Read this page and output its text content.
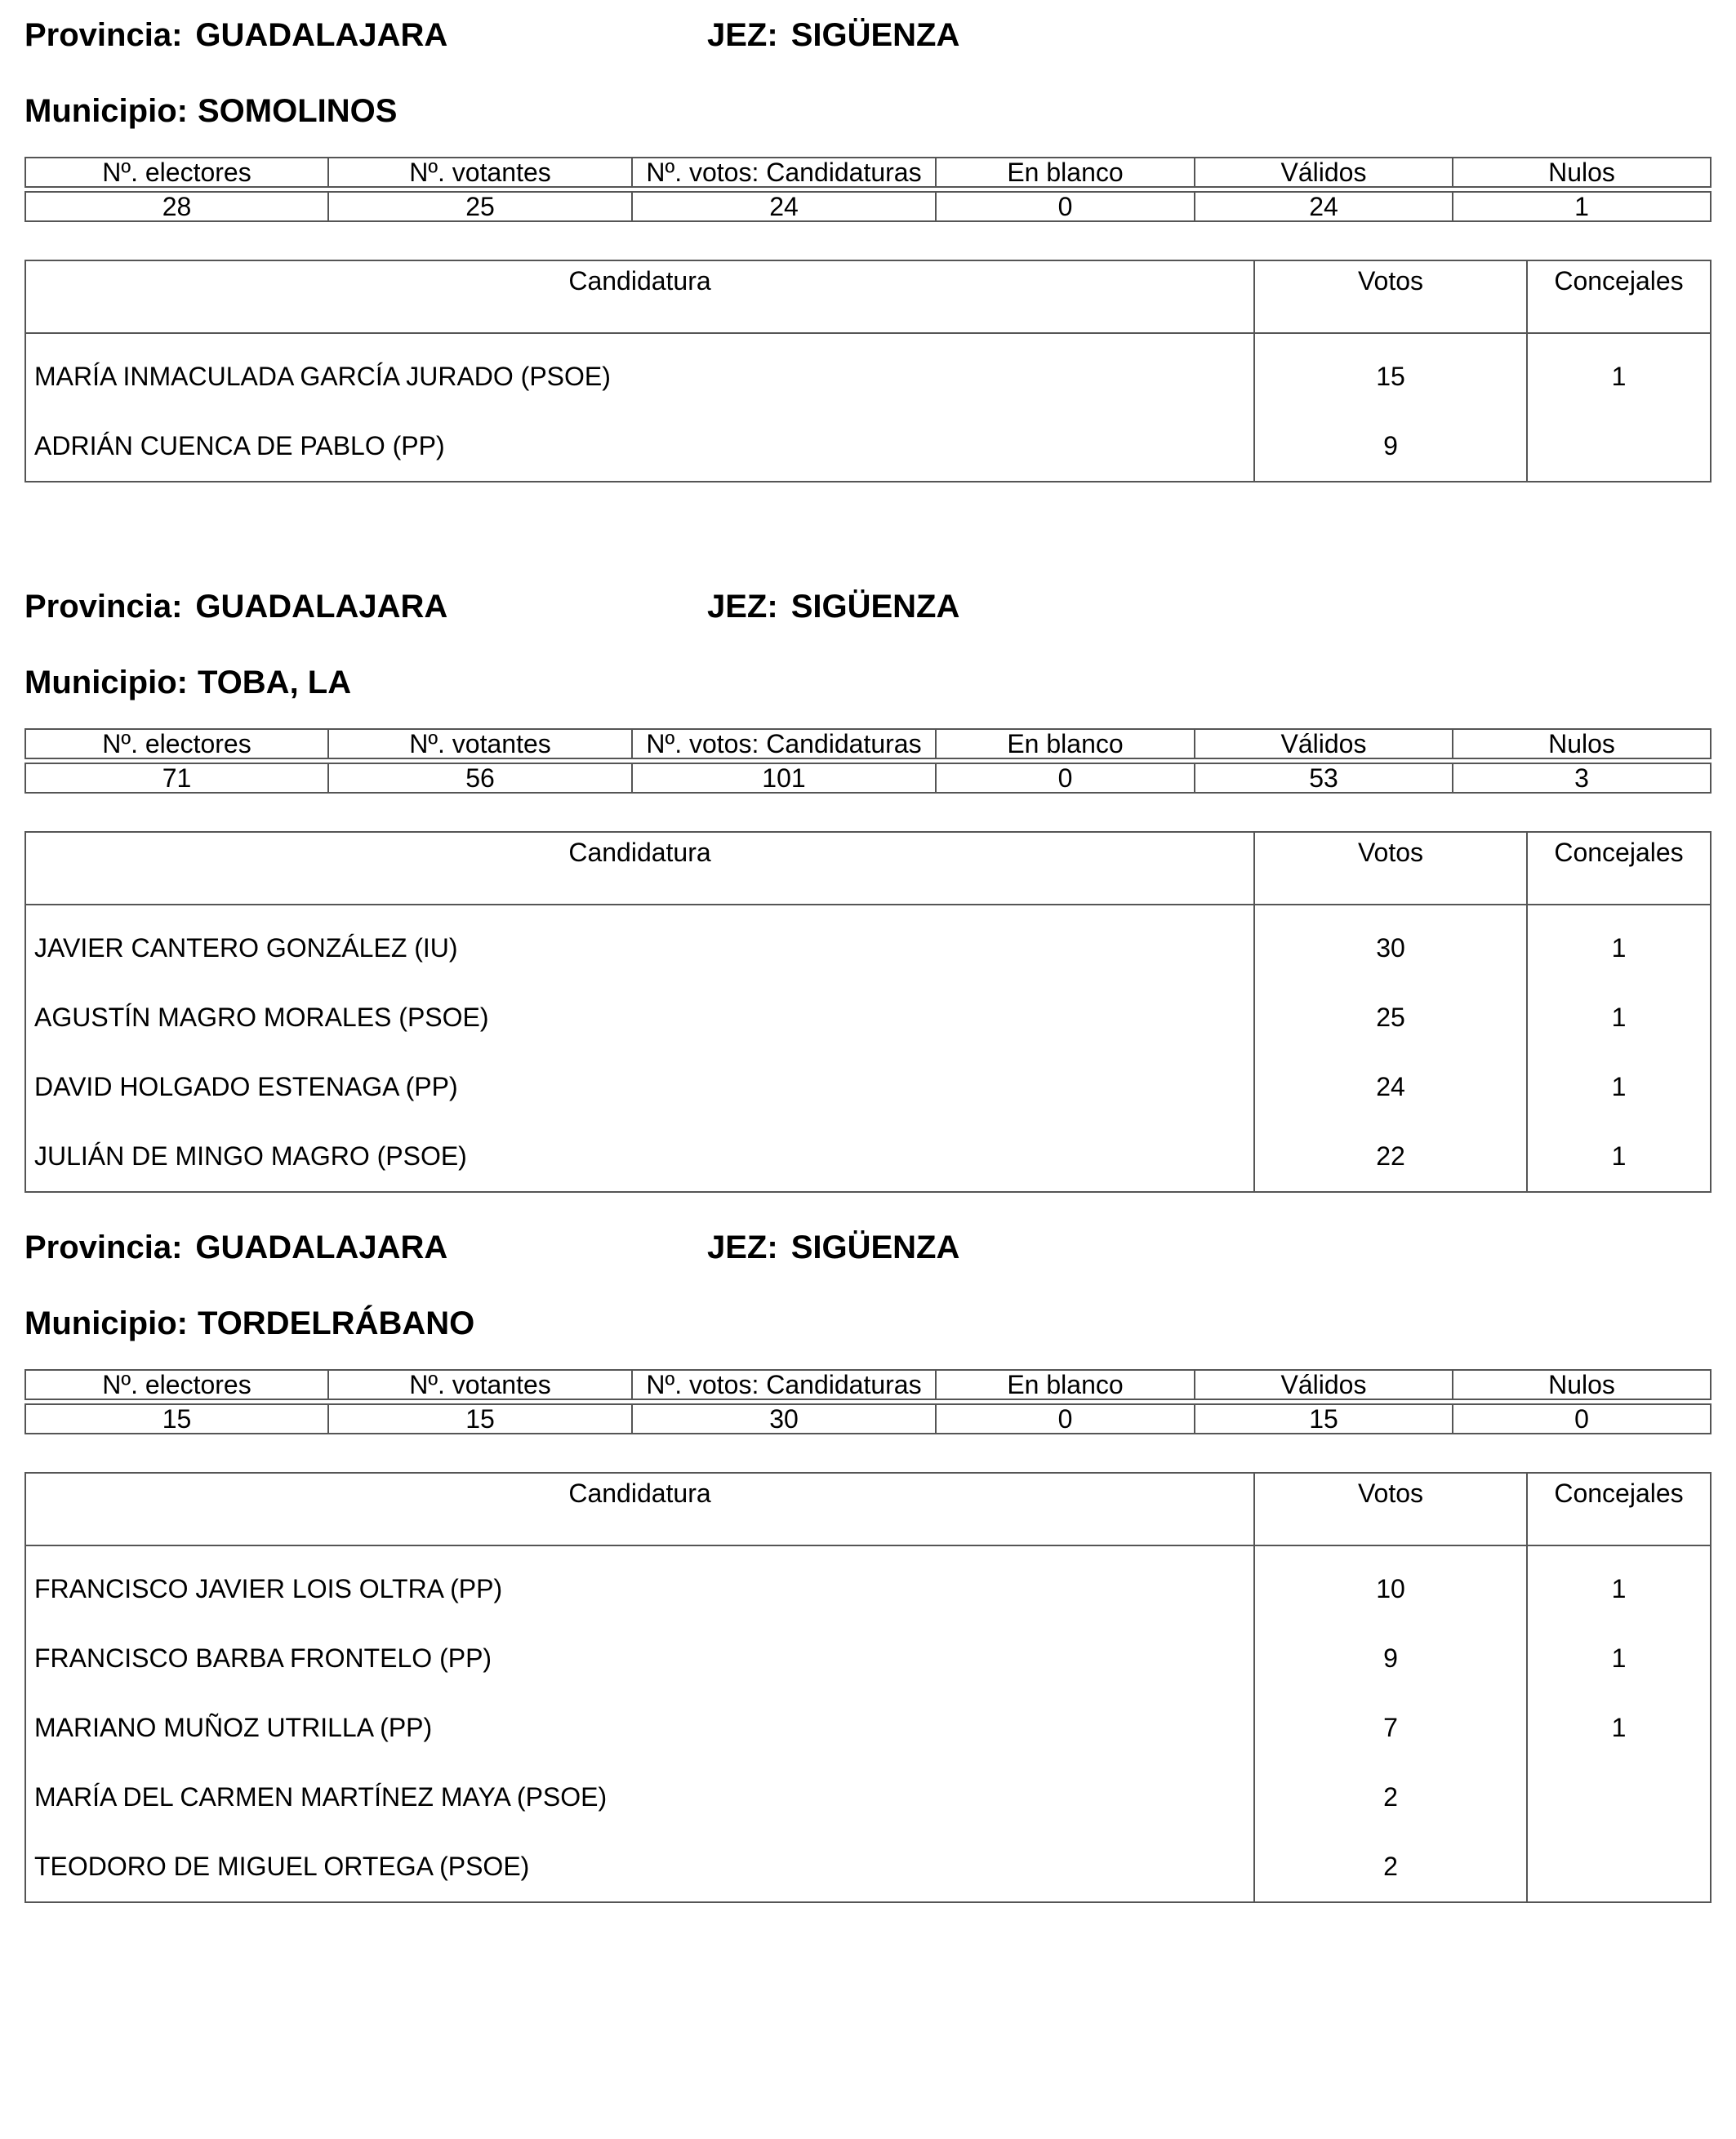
Provincia: GUADALAJARA	JEZ: SIGÜENZA
Municipio: SOMOLINOS
Nº. electores	Nº. votantes	Nº. votos: Candidaturas	En blanco	Válidos	Nulos
28	25	24	0	24	1
Candidatura	Votos	Concejales
MARÍA INMACULADA GARCÍA JURADO (PSOE)	15	1
ADRIÁN CUENCA DE PABLO (PP)	9	
Provincia: GUADALAJARA	JEZ: SIGÜENZA
Municipio: TOBA, LA
Nº. electores	Nº. votantes	Nº. votos: Candidaturas	En blanco	Válidos	Nulos
71	56	101	0	53	3
Candidatura	Votos	Concejales
JAVIER CANTERO GONZÁLEZ (IU)	30	1
AGUSTÍN MAGRO MORALES (PSOE)	25	1
DAVID HOLGADO ESTENAGA (PP)	24	1
JULIÁN DE MINGO MAGRO (PSOE)	22	1
Provincia: GUADALAJARA	JEZ: SIGÜENZA
Municipio: TORDELRÁBANO
Nº. electores	Nº. votantes	Nº. votos: Candidaturas	En blanco	Válidos	Nulos
15	15	30	0	15	0
Candidatura	Votos	Concejales
FRANCISCO JAVIER LOIS OLTRA (PP)	10	1
FRANCISCO BARBA FRONTELO (PP)	9	1
MARIANO MUÑOZ UTRILLA (PP)	7	1
MARÍA DEL CARMEN MARTÍNEZ MAYA (PSOE)	2	
TEODORO DE MIGUEL ORTEGA (PSOE)	2	
